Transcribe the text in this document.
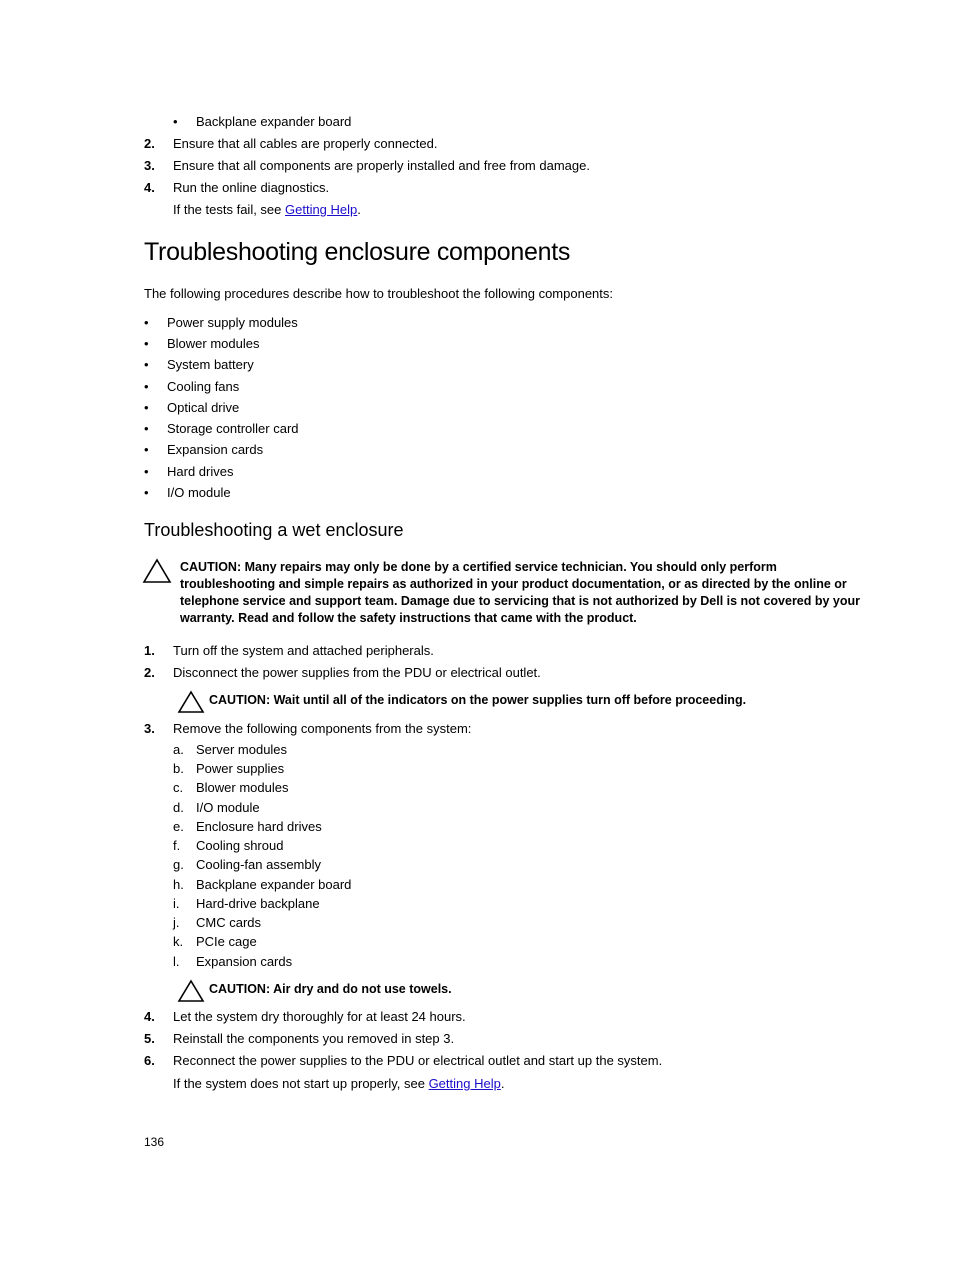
• Backplane expander board
2. Ensure that all cables are properly connected.
3. Ensure that all components are properly installed and free from damage.
4. Run the online diagnostics.
If the tests fail, see Getting Help.
Troubleshooting enclosure components
The following procedures describe how to troubleshoot the following components:
• Power supply modules
• Blower modules
• System battery
• Cooling fans
• Optical drive
• Storage controller card
• Expansion cards
• Hard drives
• I/O module
Troubleshooting a wet enclosure
CAUTION: Many repairs may only be done by a certified service technician. You should only perform
troubleshooting and simple repairs as authorized in your product documentation, or as directed by the online or
telephone service and support team. Damage due to servicing that is not authorized by Dell is not covered by your
warranty. Read and follow the safety instructions that came with the product.
1. Turn off the system and attached peripherals.
2. Disconnect the power supplies from the PDU or electrical outlet.
CAUTION: Wait until all of the indicators on the power supplies turn off before proceeding.
3. Remove the following components from the system:
a. Server modules
b. Power supplies
c. Blower modules
d. I/O module
e. Enclosure hard drives
f. Cooling shroud
g. Cooling-fan assembly
h. Backplane expander board
i. Hard-drive backplane
j. CMC cards
k. PCIe cage
l. Expansion cards
CAUTION: Air dry and do not use towels.
4. Let the system dry thoroughly for at least 24 hours.
5. Reinstall the components you removed in step 3.
6. Reconnect the power supplies to the PDU or electrical outlet and start up the system.
If the system does not start up properly, see Getting Help.
136
